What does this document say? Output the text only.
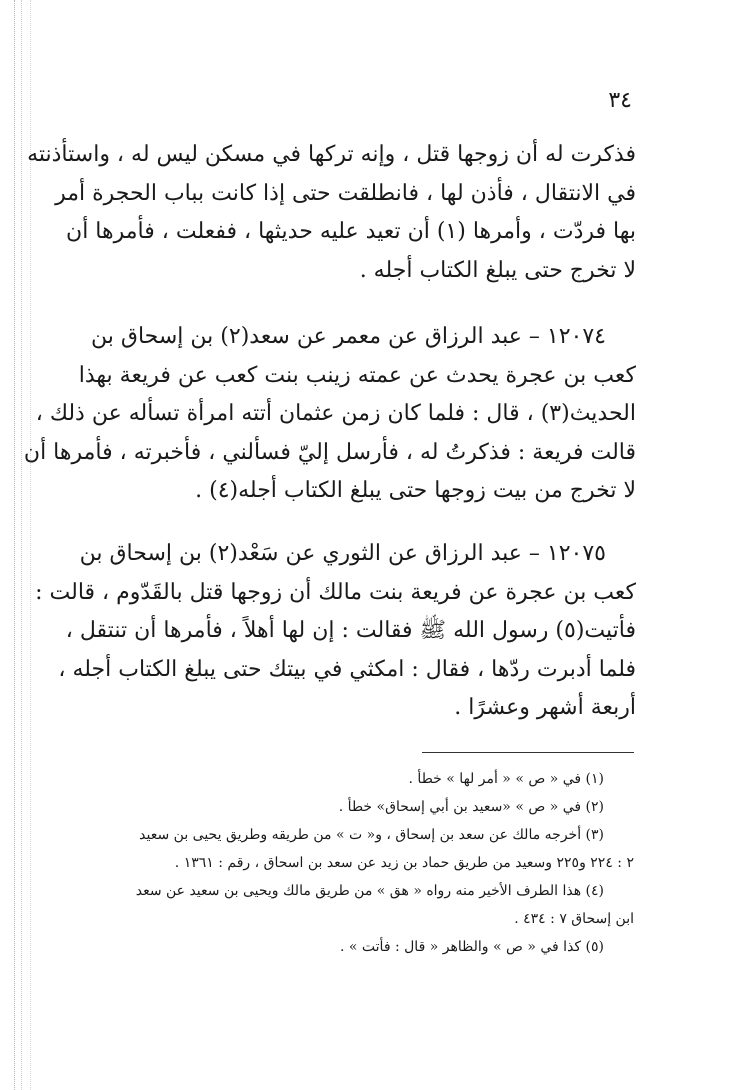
٣٤
فذكرت له أن زوجها قتل ، وإنه تركها في مسكن ليس له ، واستأذنته
في الانتقال ، فأذن لها ، فانطلقت حتى إذا كانت بباب الحجرة أمر
بها فردّت ، وأمرها (١) أن تعيد عليه حديثها ، ففعلت ، فأمرها أن
لا تخرج حتى يبلغ الكتاب أجله .
١٢٠٧٤ – عبد الرزاق عن معمر عن سعد(٢) بن إسحاق بن
كعب بن عجرة يحدث عن عمته زينب بنت كعب عن فريعة بهذا
الحديث(٣) ، قال : فلما كان زمن عثمان أتته امرأة تسأله عن ذلك ،
قالت فريعة : فذكرتُ له ، فأرسل إليّ فسألني ، فأخبرته ، فأمرها أن
لا تخرج من بيت زوجها حتى يبلغ الكتاب أجله(٤) .
١٢٠٧٥ – عبد الرزاق عن الثوري عن سَعْد(٢) بن إسحاق بن
كعب بن عجرة عن فريعة بنت مالك أن زوجها قتل بالقَدّوم ، قالت :
فأتيت(٥) رسول الله ﷺ فقالت : إن لها أهلاً ، فأمرها أن تنتقل ،
فلما أدبرت ردّها ، فقال : امكثي في بيتك حتى يبلغ الكتاب أجله ،
أربعة أشهر وعشرًا .
(١) في « ص » « أمر لها » خطأ .
(٢) في « ص » «سعيد بن أبي إسحاق» خطأ .
(٣) أخرجه مالك عن سعد بن إسحاق ، و« ت » من طريقه وطريق يحيى بن سعيد
٢ : ٢٢٤ و٢٢٥ وسعيد من طريق حماد بن زيد عن سعد بن اسحاق ، رقم : ١٣٦١ .
(٤) هذا الطرف الأخير منه رواه « هق » من طريق مالك ويحيى بن سعيد عن سعد
ابن إسحاق ٧ : ٤٣٤ .
(٥) كذا في « ص » والظاهر « قال : فأتت » .
